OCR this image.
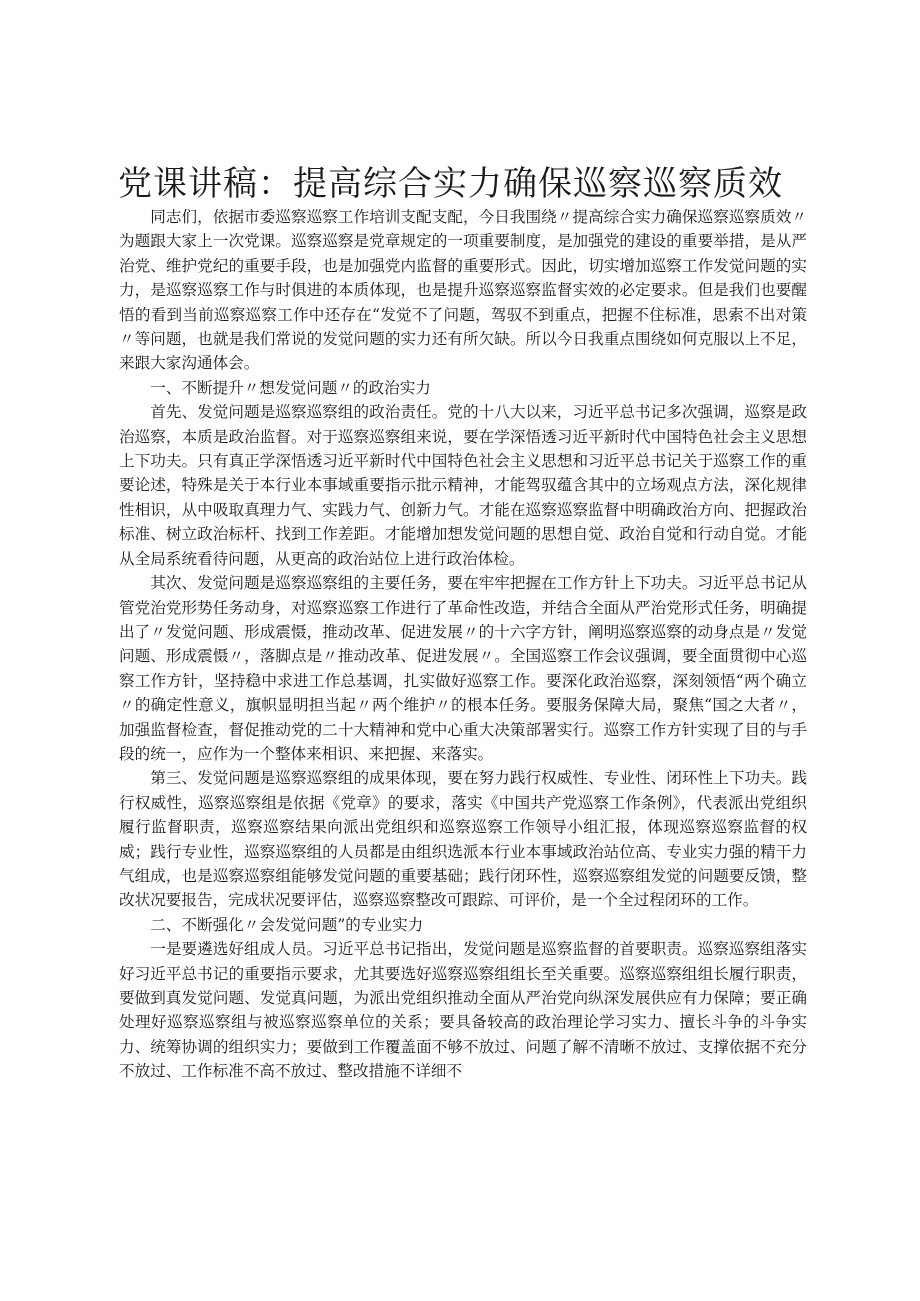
党课讲稿：提高综合实力确保巡察巡察质效

同志们，依据市委巡察巡察工作培训支配支配，今日我围绕〃提高综合实力确保巡察巡察质效〃为题跟大家上一次党课。巡察巡察是党章规定的一项重要制度，是加强党的建设的重要举措，是从严治党、维护党纪的重要手段，也是加强党内监督的重要形式。因此，切实增加巡察工作发觉问题的实力，是巡察巡察工作与时俱进的本质体现，也是提升巡察巡察监督实效的必定要求。但是我们也要醒悟的看到当前巡察巡察工作中还存在“发觉不了问题，驾驭不到重点，把握不住标准，思索不出对策〃等问题，也就是我们常说的发觉问题的实力还有所欠缺。所以今日我重点围绕如何克服以上不足，来跟大家沟通体会。

一、不断提升〃想发觉问题〃的政治实力

首先、发觉问题是巡察巡察组的政治责任。党的十八大以来，习近平总书记多次强调，巡察是政治巡察，本质是政治监督。对于巡察巡察组来说，要在学深悟透习近平新时代中国特色社会主义思想上下功夫。只有真正学深悟透习近平新时代中国特色社会主义思想和习近平总书记关于巡察工作的重要论述，特殊是关于本行业本事域重要指示批示精神，才能驾驭蕴含其中的立场观点方法，深化规律性相识，从中吸取真理力气、实践力气、创新力气。才能在巡察巡察监督中明确政治方向、把握政治标准、树立政治标杆、找到工作差距。才能增加想发觉问题的思想自觉、政治自觉和行动自觉。才能从全局系统看待问题，从更高的政治站位上进行政治体检。

其次、发觉问题是巡察巡察组的主要任务，要在牢牢把握在工作方针上下功夫。习近平总书记从管党治党形势任务动身，对巡察巡察工作进行了革命性改造，并结合全面从严治党形式任务，明确提出了〃发觉问题、形成震慑，推动改革、促进发展〃的十六字方针，阐明巡察巡察的动身点是〃发觉问题、形成震慑〃，落脚点是〃推动改革、促进发展〃。全国巡察工作会议强调，要全面贯彻中心巡察工作方针，坚持稳中求进工作总基调，扎实做好巡察工作。要深化政治巡察，深刻领悟“两个确立〃的确定性意义，旗帜显明担当起〃两个维护〃的根本任务。要服务保障大局，聚焦“国之大者〃，加强监督检查，督促推动党的二十大精神和党中心重大决策部署实行。巡察工作方针实现了目的与手段的统一，应作为一个整体来相识、来把握、来落实。

第三、发觉问题是巡察巡察组的成果体现，要在努力践行权威性、专业性、闭环性上下功夫。践行权威性，巡察巡察组是依据《党章》的要求，落实《中国共产党巡察工作条例》，代表派出党组织履行监督职责，巡察巡察结果向派出党组织和巡察巡察工作领导小组汇报，体现巡察巡察监督的权威；践行专业性，巡察巡察组的人员都是由组织选派本行业本事域政治站位高、专业实力强的精干力气组成，也是巡察巡察组能够发觉问题的重要基础；践行闭环性，巡察巡察组发觉的问题要反馈，整改状况要报告，完成状况要评估，巡察巡察整改可跟踪、可评价，是一个全过程闭环的工作。

二、不断强化〃会发觉问题”的专业实力

一是要遴选好组成人员。习近平总书记指出，发觉问题是巡察监督的首要职责。巡察巡察组落实好习近平总书记的重要指示要求，尤其要选好巡察巡察组组长至关重要。巡察巡察组组长履行职责，要做到真发觉问题、发觉真问题，为派出党组织推动全面从严治党向纵深发展供应有力保障；要正确处理好巡察巡察组与被巡察巡察单位的关系；要具备较高的政治理论学习实力、擅长斗争的斗争实力、统筹协调的组织实力；要做到工作覆盖面不够不放过、问题了解不清晰不放过、支撑依据不充分不放过、工作标准不高不放过、整改措施不详细不
